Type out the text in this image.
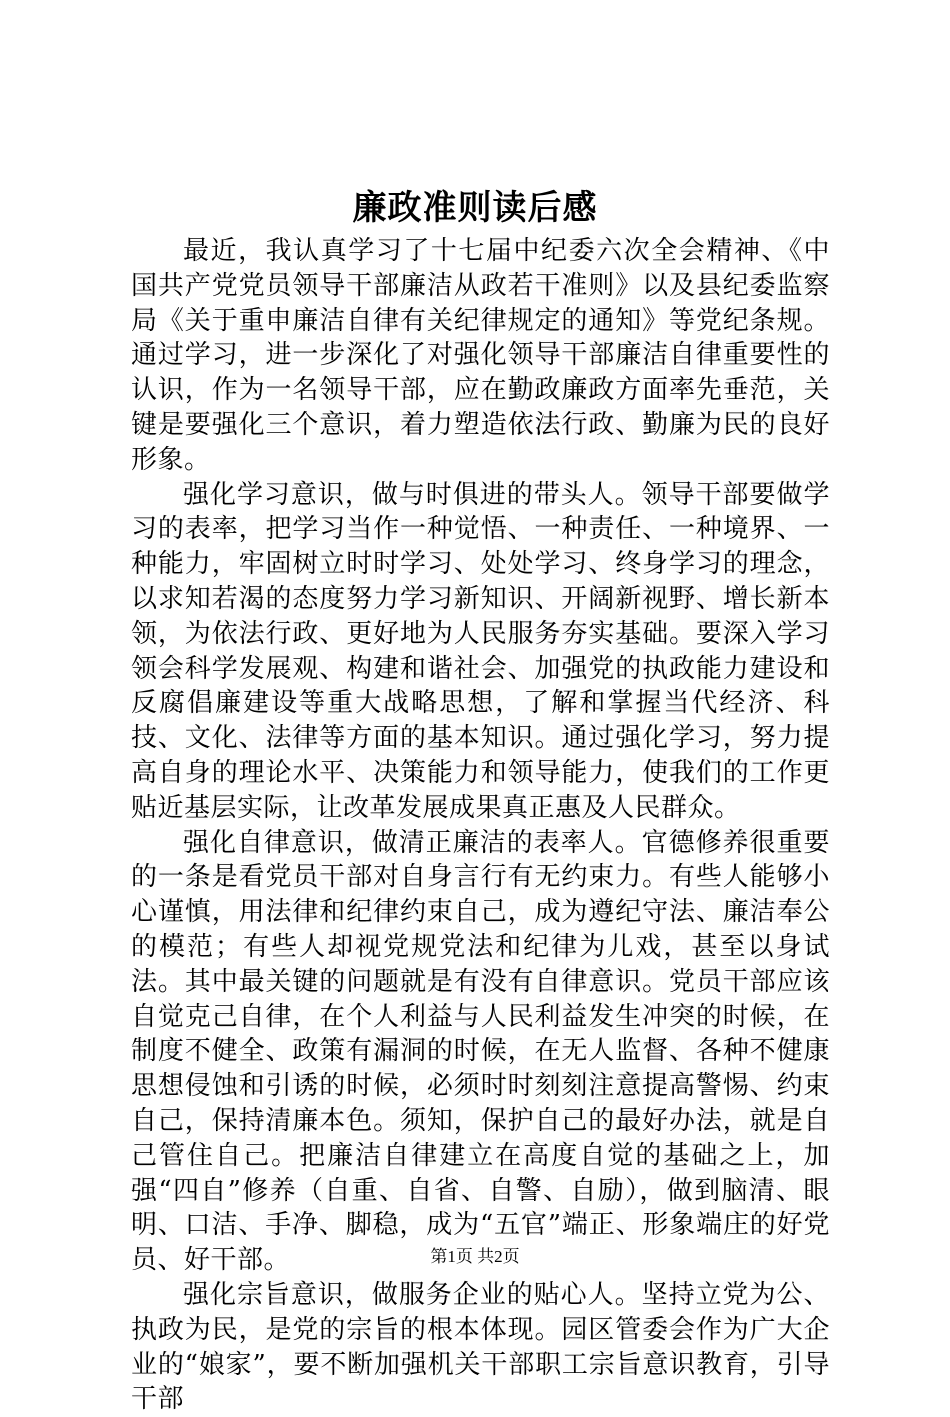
廉政准则读后感

最近，我认真学习了十七届中纪委六次全会精神、《中国共产党党员领导干部廉洁从政若干准则》以及县纪委监察局《关于重申廉洁自律有关纪律规定的通知》等党纪条规。通过学习，进一步深化了对强化领导干部廉洁自律重要性的认识，作为一名领导干部，应在勤政廉政方面率先垂范，关键是要强化三个意识，着力塑造依法行政、勤廉为民的良好形象。

强化学习意识，做与时俱进的带头人。领导干部要做学习的表率，把学习当作一种觉悟、一种责任、一种境界、一种能力，牢固树立时时学习、处处学习、终身学习的理念，以求知若渴的态度努力学习新知识、开阔新视野、增长新本领，为依法行政、更好地为人民服务夯实基础。要深入学习领会科学发展观、构建和谐社会、加强党的执政能力建设和反腐倡廉建设等重大战略思想，了解和掌握当代经济、科技、文化、法律等方面的基本知识。通过强化学习，努力提高自身的理论水平、决策能力和领导能力，使我们的工作更贴近基层实际，让改革发展成果真正惠及人民群众。

强化自律意识，做清正廉洁的表率人。官德修养很重要的一条是看党员干部对自身言行有无约束力。有些人能够小心谨慎，用法律和纪律约束自己，成为遵纪守法、廉洁奉公的模范；有些人却视党规党法和纪律为儿戏，甚至以身试法。其中最关键的问题就是有没有自律意识。党员干部应该自觉克己自律，在个人利益与人民利益发生冲突的时候，在制度不健全、政策有漏洞的时候，在无人监督、各种不健康思想侵蚀和引诱的时候，必须时时刻刻注意提高警惕、约束自己，保持清廉本色。须知，保护自己的最好办法，就是自己管住自己。把廉洁自律建立在高度自觉的基础之上，加强“四自”修养（自重、自省、自警、自励），做到脑清、眼明、口洁、手净、脚稳，成为“五官”端正、形象端庄的好党员、好干部。

强化宗旨意识，做服务企业的贴心人。坚持立党为公、执政为民，是党的宗旨的根本体现。园区管委会作为广大企业的“娘家”，要不断加强机关干部职工宗旨意识教育，引导干部

第1页 共2页
